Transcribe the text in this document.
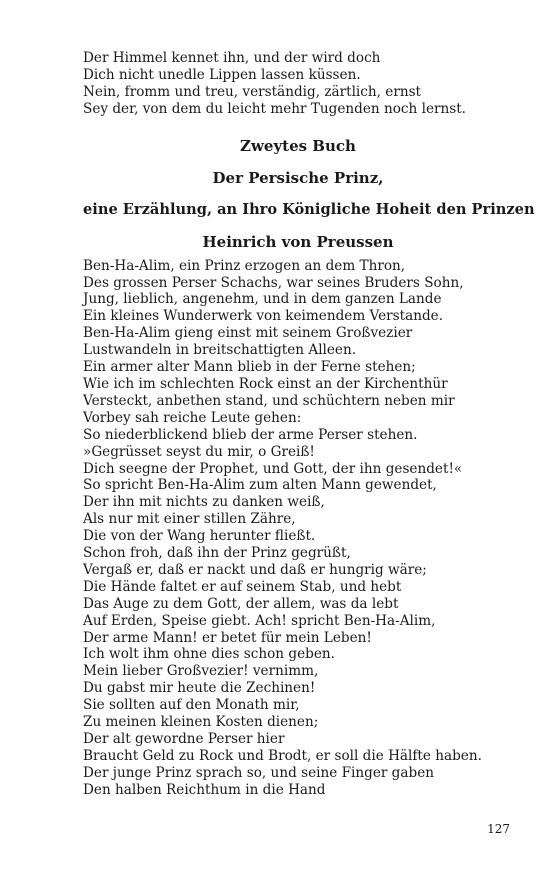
Der Himmel kennet ihn, und der wird doch
Dich nicht unedle Lippen lassen küssen.
Nein, fromm und treu, verständig, zärtlich, ernst
Sey der, von dem du leicht mehr Tugenden noch lernst.
Zweytes Buch
Der Persische Prinz,
eine Erzählung, an Ihro Königliche Hoheit den Prinzen
Heinrich von Preussen
Ben-Ha-Alim, ein Prinz erzogen an dem Thron,
Des grossen Perser Schachs, war seines Bruders Sohn,
Jung, lieblich, angenehm, und in dem ganzen Lande
Ein kleines Wunderwerk von keimendem Verstande.
Ben-Ha-Alim gieng einst mit seinem Großvezier
Lustwandeln in breitschattigten Alleen.
Ein armer alter Mann blieb in der Ferne stehen;
Wie ich im schlechten Rock einst an der Kirchenthür
Versteckt, anbethen stand, und schüchtern neben mir
Vorbey sah reiche Leute gehen:
So niederblickend blieb der arme Perser stehen.
»Gegrüsset seyst du mir, o Greiß!
Dich seegne der Prophet, und Gott, der ihn gesendet!«
So spricht Ben-Ha-Alim zum alten Mann gewendet,
Der ihn mit nichts zu danken weiß,
Als nur mit einer stillen Zähre,
Die von der Wang herunter fließt.
Schon froh, daß ihn der Prinz gegrüßt,
Vergaß er, daß er nackt und daß er hungrig wäre;
Die Hände faltet er auf seinem Stab, und hebt
Das Auge zu dem Gott, der allem, was da lebt
Auf Erden, Speise giebt. Ach! spricht Ben-Ha-Alim,
Der arme Mann! er betet für mein Leben!
Ich wolt ihm ohne dies schon geben.
Mein lieber Großvezier! vernimm,
Du gabst mir heute die Zechinen!
Sie sollten auf den Monath mir,
Zu meinen kleinen Kosten dienen;
Der alt gewordne Perser hier
Braucht Geld zu Rock und Brodt, er soll die Hälfte haben.
Der junge Prinz sprach so, und seine Finger gaben
Den halben Reichthum in die Hand
127
